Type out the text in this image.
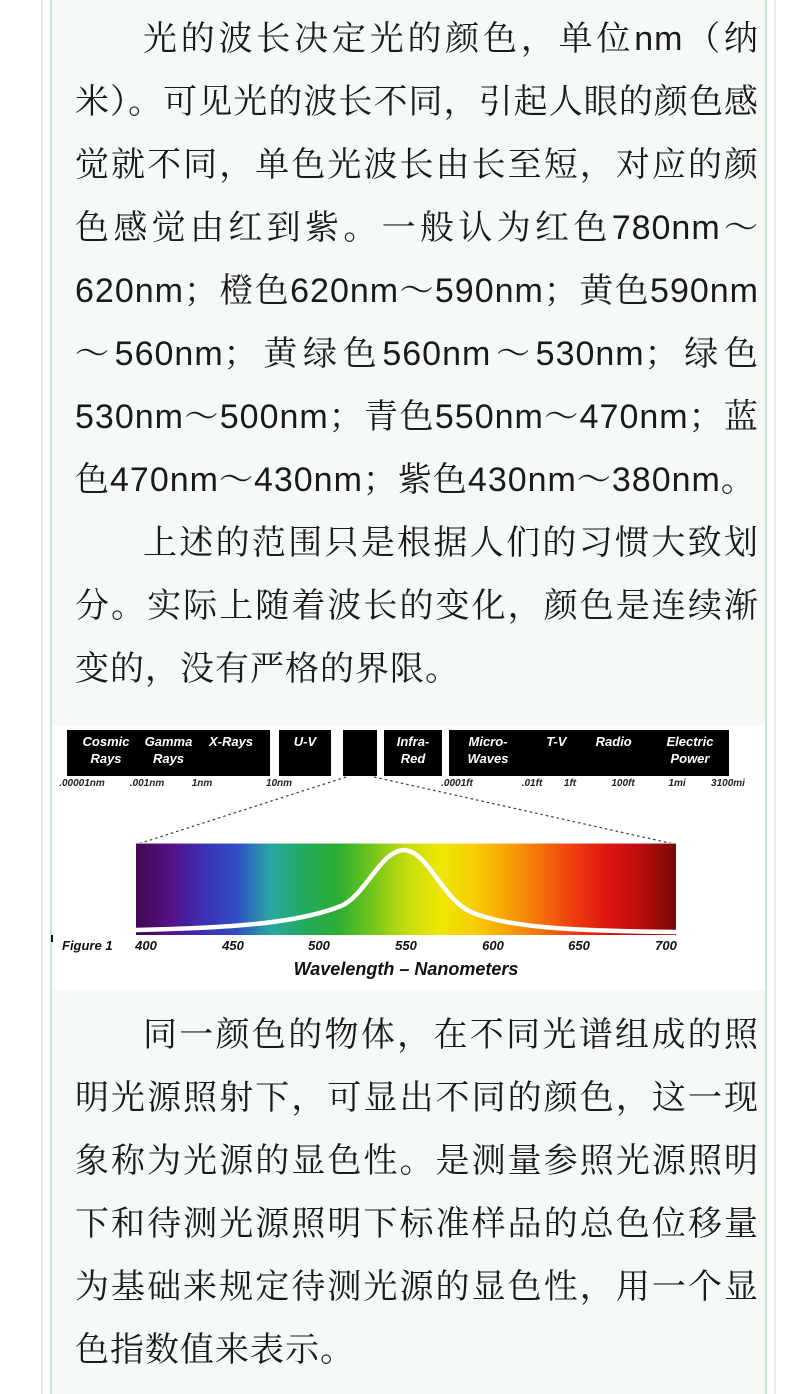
光的波长决定光的颜色，单位nm（纳米）。可见光的波长不同，引起人眼的颜色感觉就不同，单色光波长由长至短，对应的颜色感觉由红到紫。一般认为红色780nm～620nm；橙色620nm～590nm；黄色590nm～560nm；黄绿色560nm～530nm；绿色530nm～500nm；青色550nm～470nm；蓝色470nm～430nm；紫色430nm～380nm。

上述的范围只是根据人们的习惯大致划分。实际上随着波长的变化，颜色是连续渐变的，没有严格的界限。

Cosmic Rays
Gamma Rays
X-Rays	U-V	Infra-Red
Micro-Waves
T-V Radio	Electric Power
.00001nm .001nm	1nm	10nm	.0001ft	.01ft 1ft	100ft	1mi	3100mi
400	450	500	550	600	650	700
Figure 1
Wavelength – Nanometers

同一颜色的物体，在不同光谱组成的照明光源照射下，可显出不同的颜色，这一现象称为光源的显色性。是测量参照光源照明下和待测光源照明下标准样品的总色位移量为基础来规定待测光源的显色性，用一个显色指数值来表示。
